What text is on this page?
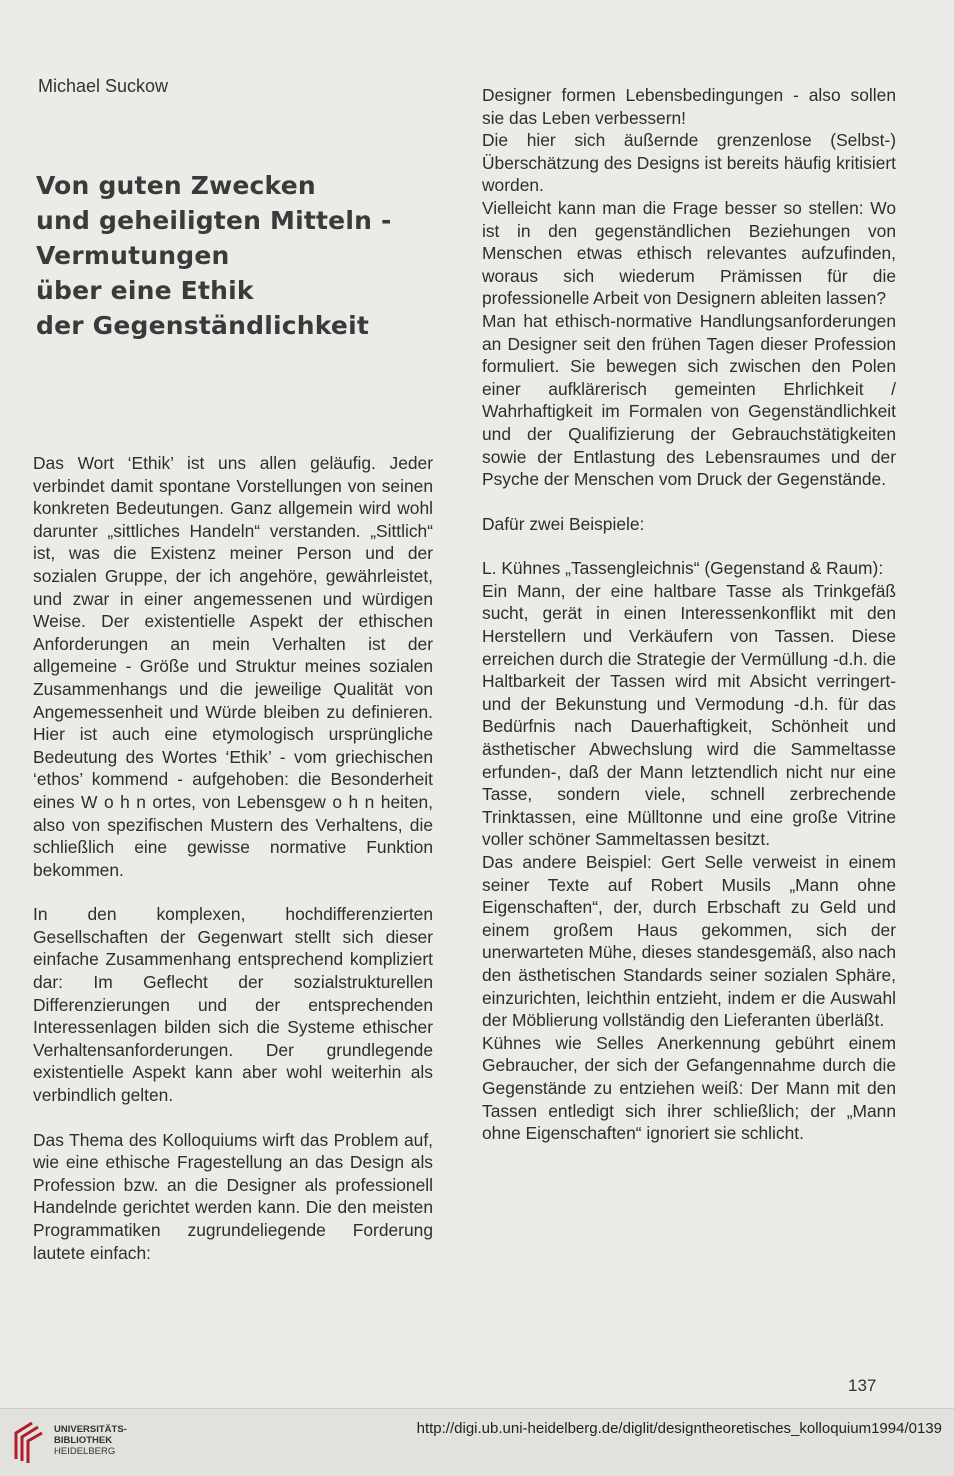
Michael Suckow
Von guten Zwecken
und geheiligten Mitteln -
Vermutungen
über eine Ethik
der Gegenständlichkeit

Das Wort ‘Ethik’ ist uns allen geläufig. Jeder verbindet damit spontane Vorstellungen von seinen konkreten Bedeutungen. Ganz allgemein wird wohl darunter „sittliches Handeln“ verstanden. „Sittlich“ ist, was die Existenz meiner Person und der sozialen Gruppe, der ich angehöre, gewährleistet, und zwar in einer angemessenen und würdigen Weise. Der existentielle Aspekt der ethischen Anforderungen an mein Verhalten ist der allgemeine - Größe und Struktur meines sozialen Zusammenhangs und die jeweilige Qualität von Angemessenheit und Würde bleiben zu definieren. Hier ist auch eine etymologisch ursprüngliche Bedeutung des Wortes ‘Ethik’ - vom griechischen ‘ethos’ kommend - aufgehoben: die Besonderheit eines W o h n ortes, von Lebensgew o h n heiten, also von spezifischen Mustern des Verhaltens, die schließlich eine gewisse normative Funktion bekommen.

In den komplexen, hochdifferenzierten Gesellschaften der Gegenwart stellt sich dieser einfache Zusammenhang entsprechend kompliziert dar: Im Geflecht der sozialstrukturellen Differenzierungen und der entsprechenden Interessenlagen bilden sich die Systeme ethischer Verhaltensanforderungen. Der grundlegende existentielle Aspekt kann aber wohl weiterhin als verbindlich gelten.

Das Thema des Kolloquiums wirft das Problem auf, wie eine ethische Fragestellung an das Design als Profession bzw. an die Designer als professionell Handelnde gerichtet werden kann. Die den meisten Programmatiken zugrundeliegende Forderung lautete einfach:

Designer formen Lebensbedingungen - also sollen sie das Leben verbessern!

Die hier sich äußernde grenzenlose (Selbst-) Überschätzung des Designs ist bereits häufig kritisiert worden.

Vielleicht kann man die Frage besser so stellen: Wo ist in den gegenständlichen Beziehungen von Menschen etwas ethisch relevantes aufzufinden, woraus sich wiederum Prämissen für die professionelle Arbeit von Designern ableiten lassen?

Man hat ethisch-normative Handlungsanforderungen an Designer seit den frühen Tagen dieser Profession formuliert. Sie bewegen sich zwischen den Polen einer aufklärerisch gemeinten Ehrlichkeit / Wahrhaftigkeit im Formalen von Gegenständlichkeit und der Qualifizierung der Gebrauchstätigkeiten sowie der Entlastung des Lebensraumes und der Psyche der Menschen vom Druck der Gegenstände.

Dafür zwei Beispiele:

L. Kühnes „Tassengleichnis“ (Gegenstand & Raum):

Ein Mann, der eine haltbare Tasse als Trinkgefäß sucht, gerät in einen Interessenkonflikt mit den Herstellern und Verkäufern von Tassen. Diese erreichen durch die Strategie der Vermüllung -d.h. die Haltbarkeit der Tassen wird mit Absicht verringert- und der Bekunstung und Vermodung -d.h. für das Bedürfnis nach Dauerhaftigkeit, Schönheit und ästhetischer Abwechslung wird die Sammeltasse erfunden-, daß der Mann letztendlich nicht nur eine Tasse, sondern viele, schnell zerbrechende Trinktassen, eine Mülltonne und eine große Vitrine voller schöner Sammeltassen besitzt.

Das andere Beispiel: Gert Selle verweist in einem seiner Texte auf Robert Musils „Mann ohne Eigenschaften“, der, durch Erbschaft zu Geld und einem großem Haus gekommen, sich der unerwarteten Mühe, dieses standesgemäß, also nach den ästhetischen Standards seiner sozialen Sphäre, einzurichten, leichthin entzieht, indem er die Auswahl der Möblierung vollständig den Lieferanten überläßt.

Kühnes wie Selles Anerkennung gebührt einem Gebraucher, der sich der Gefangennahme durch die Gegenstände zu entziehen weiß: Der Mann mit den Tassen entledigt sich ihrer schließlich; der „Mann ohne Eigenschaften“ ignoriert sie schlicht.

137
UNIVERSITÄTS-
BIBLIOTHEK
HEIDELBERG
http://digi.ub.uni-heidelberg.de/diglit/designtheoretisches_kolloquium1994/0139
